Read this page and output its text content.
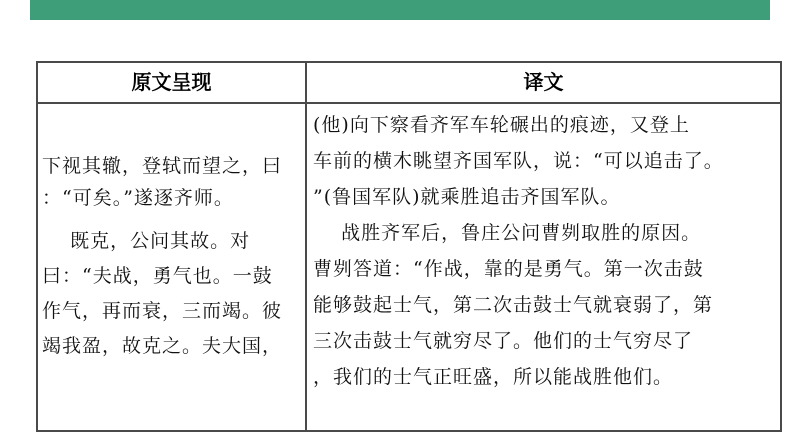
原文呈现	译文
下视其辙，登轼而望之，曰
：“可矣。”遂逐齐师。
既克，公问其故。对
曰：“夫战，勇气也。一鼓
作气，再而衰，三而竭。彼
竭我盈，故克之。夫大国，
(他)向下察看齐军车轮碾出的痕迹，又登上
车前的横木眺望齐国军队，说：“可以追击了。
”(鲁国军队)就乘胜追击齐国军队。
战胜齐军后，鲁庄公问曹刿取胜的原因。
曹刿答道：“作战，靠的是勇气。第一次击鼓
能够鼓起士气，第二次击鼓士气就衰弱了，第
三次击鼓士气就穷尽了。他们的士气穷尽了
，我们的士气正旺盛，所以能战胜他们。
